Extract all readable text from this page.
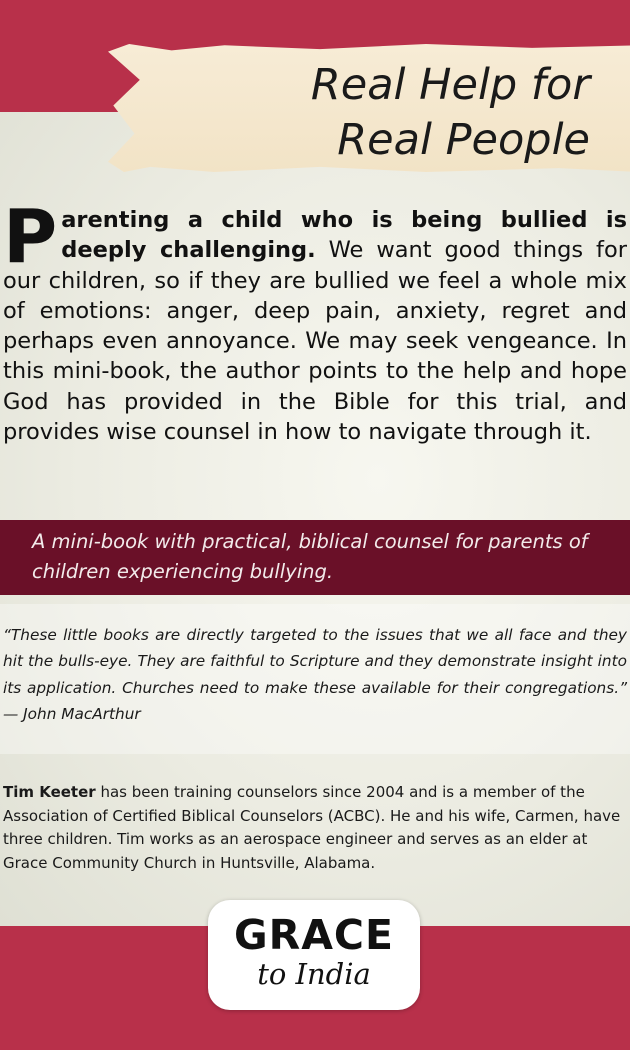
Real Help for
Real People

Parenting a child who is being bullied is deeply challenging. We want good things for our children, so if they are bullied we feel a whole mix of emotions: anger, deep pain, anxiety, regret and perhaps even annoyance. We may seek vengeance. In this mini-book, the author points to the help and hope God has provided in the Bible for this trial, and provides wise counsel in how to navigate through it.

A mini-book with practical, biblical counsel for parents of children experiencing bullying.

“These little books are directly targeted to the issues that we all face and they hit the bulls-eye. They are faithful to Scripture and they demonstrate insight into its application. Churches need to make these available for their congregations.” — John MacArthur

Tim Keeter has been training counselors since 2004 and is a member of the Association of Certified Biblical Counselors (ACBC). He and his wife, Carmen, have three children. Tim works as an aerospace engineer and serves as an elder at Grace Community Church in Huntsville, Alabama.

GRACE
to India
